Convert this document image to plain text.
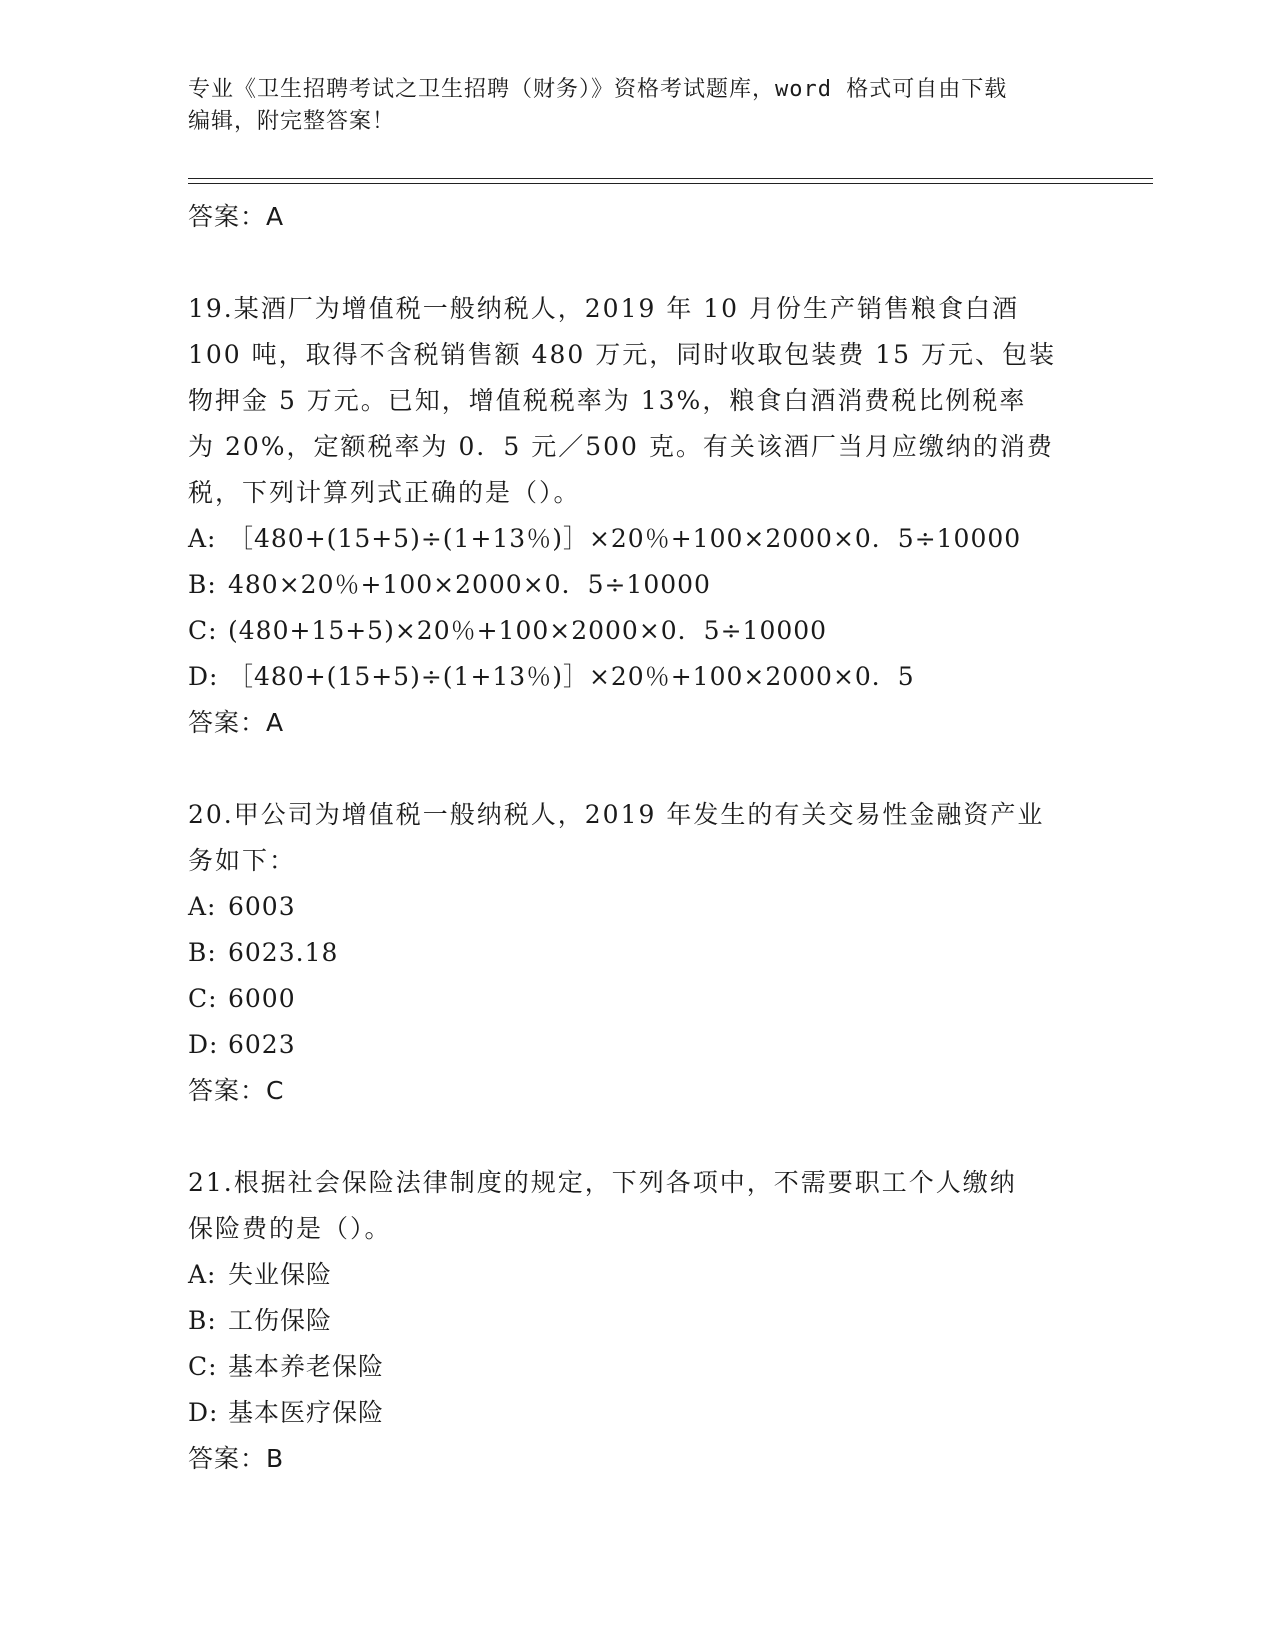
专业《卫生招聘考试之卫生招聘（财务）》资格考试题库，word 格式可自由下载
编辑，附完整答案！
答案：A
19.某酒厂为增值税一般纳税人，2019 年 10 月份生产销售粮食白酒
100 吨，取得不含税销售额 480 万元，同时收取包装费 15 万元、包装
物押金 5 万元。已知，增值税税率为 13%，粮食白酒消费税比例税率
为 20%，定额税率为 0．5 元／500 克。有关该酒厂当月应缴纳的消费
税，下列计算列式正确的是（）。
A: ［480+(15+5)÷(1+13％)］×20％+100×2000×0．5÷10000
B: 480×20％+100×2000×0．5÷10000
C: (480+15+5)×20％+100×2000×0．5÷10000
D: ［480+(15+5)÷(1+13％)］×20％+100×2000×0．5
答案：A
20.甲公司为增值税一般纳税人，2019 年发生的有关交易性金融资产业
务如下：
A: 6003
B: 6023.18
C: 6000
D: 6023
答案：C
21.根据社会保险法律制度的规定，下列各项中，不需要职工个人缴纳
保险费的是（）。
A: 失业保险
B: 工伤保险
C: 基本养老保险
D: 基本医疗保险
答案：B
